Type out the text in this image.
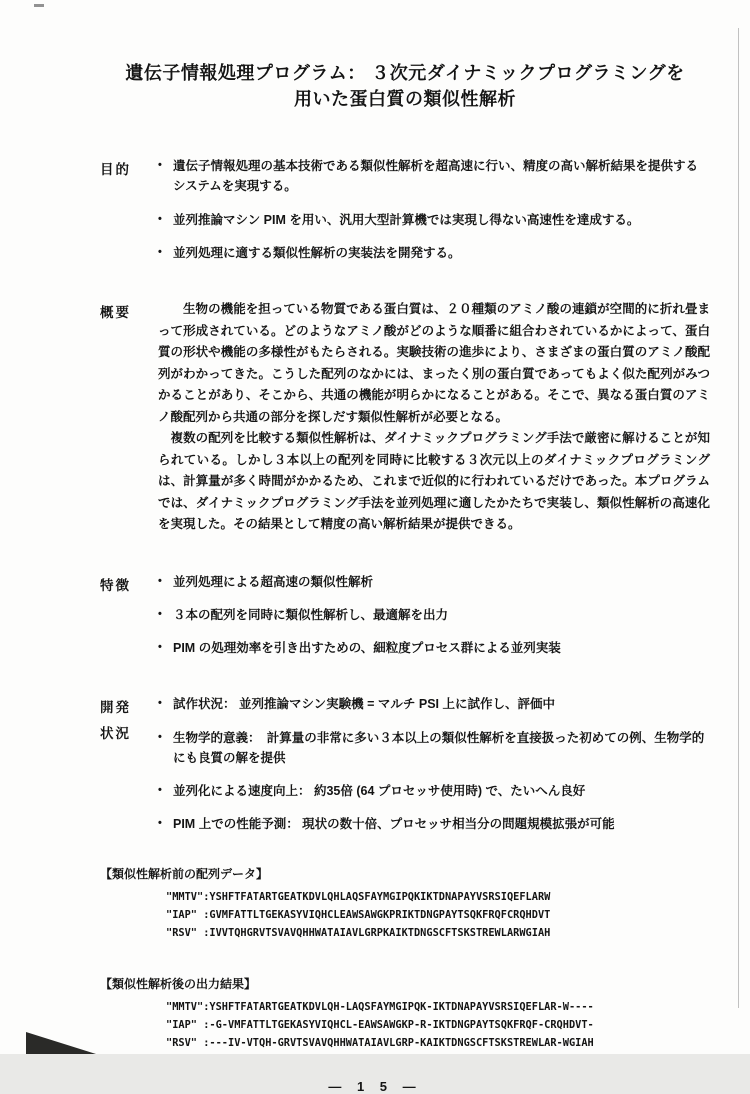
遺伝子情報処理プログラム： ３次元ダイナミックプログラミングを
用いた蛋白質の類似性解析
目的	• 遺伝子情報処理の基本技術である類似性解析を超高速に行い、精度の高い解析結果を提供するシステムを実現する。
• 並列推論マシン PIM を用い、汎用大型計算機では実現し得ない高速性を達成する。
• 並列処理に適する類似性解析の実装法を開発する。
概要	生物の機能を担っている物質である蛋白質は、２０種類のアミノ酸の連鎖が空間的に折れ畳まって形成されている。どのようなアミノ酸がどのような順番に組合わされているかによって、蛋白質の形状や機能の多様性がもたらされる。実験技術の進歩により、さまざまの蛋白質のアミノ酸配列がわかってきた。こうした配列のなかには、まったく別の蛋白質であってもよく似た配列がみつかることがあり、そこから、共通の機能が明らかになることがある。そこで、異なる蛋白質のアミノ酸配列から共通の部分を探しだす類似性解析が必要となる。

複数の配列を比較する類似性解析は、ダイナミックプログラミング手法で厳密に解けることが知られている。しかし３本以上の配列を同時に比較する３次元以上のダイナミックプログラミングは、計算量が多く時間がかかるため、これまで近似的に行われているだけであった。本プログラムでは、ダイナミックプログラミング手法を並列処理に適したかたちで実装し、類似性解析の高速化を実現した。その結果として精度の高い解析結果が提供できる。

特徴	• 並列処理による超高速の類似性解析
• ３本の配列を同時に類似性解析し、最適解を出力
• PIM の処理効率を引き出すための、細粒度プロセス群による並列実装
開発
状況
• 試作状況： 並列推論マシン実験機 = マルチ PSI 上に試作し、評価中
• 生物学的意義：　計算量の非常に多い３本以上の類似性解析を直接扱った初めての例、生物学的にも良質の解を提供
• 並列化による速度向上： 約35倍 (64 プロセッサ使用時) で、たいへん良好
• PIM 上での性能予測： 現状の数十倍、プロセッサ相当分の問題規模拡張が可能
【類似性解析前の配列データ】
"MMTV":YSHFTFATARTGEATKDVLQHLAQSFAYMGIPQKIKTDNAPAYVSRSIQEFLARW
"IAP" :GVMFATTLTGEKASYVIQHCLEAWSAWGKPRIKTDNGPAYTSQKFRQFCRQHDVT
"RSV" :IVVTQHGRVTSVAVQHHWATAIAVLGRPKAIKTDNGSCFTSKSTREWLARWGIAH
【類似性解析後の出力結果】
"MMTV":YSHFTFATARTGEATKDVLQH-LAQSFAYMGIPQK-IKTDNAPAYVSRSIQEFLAR-W----
"IAP" :-G-VMFATTLTGEKASYVIQHCL-EAWSAWGKP-R-IKTDNGPAYTSQKFRQF-CRQHDVT-
"RSV" :---IV-VTQH-GRVTSVAVQHHWATAIAVLGRP-KAIKTDNGSCFTSKSTREWLAR-WGIAH
— 1 5 —
